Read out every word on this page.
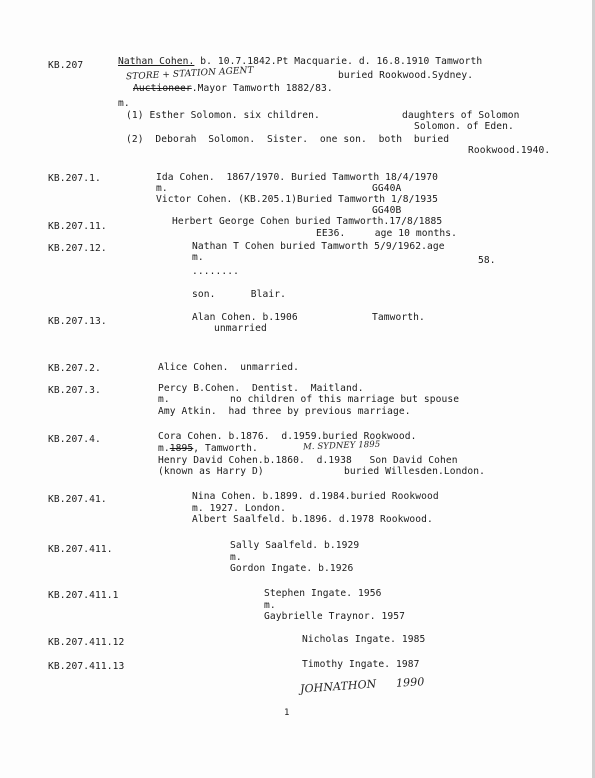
KB.207	Nathan Cohen. b. 10.7.1842.Pt Macquarie. d. 16.8.1910 Tamworth
STORE + STATION AGENT	buried Rookwood.Sydney.
Auctioneer.Mayor Tamworth 1882/83.
m.
(1) Esther Solomon. six children.	daughters of Solomon
Solomon. of Eden.
(2)  Deborah  Solomon.  Sister.  one son.  both  buried
Rookwood.1940.
KB.207.1.	Ida Cohen.  1867/1970. Buried Tamworth 18/4/1970
m.	GG40A
Victor Cohen. (KB.205.1)Buried Tamworth 1/8/1935
GG40B
KB.207.11.	Herbert George Cohen buried Tamworth.17/8/1885
EE36.     age 10 months.
KB.207.12.	Nathan T Cohen buried Tamworth 5/9/1962.age
m.	58.
........
son.      Blair.
KB.207.13.	Alan Cohen. b.1906	Tamworth.
unmarried
KB.207.2.	Alice Cohen.  unmarried.
KB.207.3.	Percy B.Cohen.  Dentist.  Maitland.
m.	no children of this marriage but spouse
Amy Atkin.  had three by previous marriage.
KB.207.4.	Cora Cohen. b.1876.  d.1959.buried Rookwood.
m.1895, Tamworth.	M. SYDNEY 1895
Henry David Cohen.b.1860.  d.1938   Son David Cohen
(known as Harry D)	buried Willesden.London.
KB.207.41.	Nina Cohen. b.1899. d.1984.buried Rookwood
m. 1927. London.
Albert Saalfeld. b.1896. d.1978 Rookwood.
KB.207.411.	Sally Saalfeld. b.1929
m.
Gordon Ingate. b.1926
KB.207.411.1	Stephen Ingate. 1956
m.
Gaybrielle Traynor. 1957
KB.207.411.12	Nicholas Ingate. 1985
KB.207.411.13	Timothy Ingate. 1987
JOHNATHON 1990
1
